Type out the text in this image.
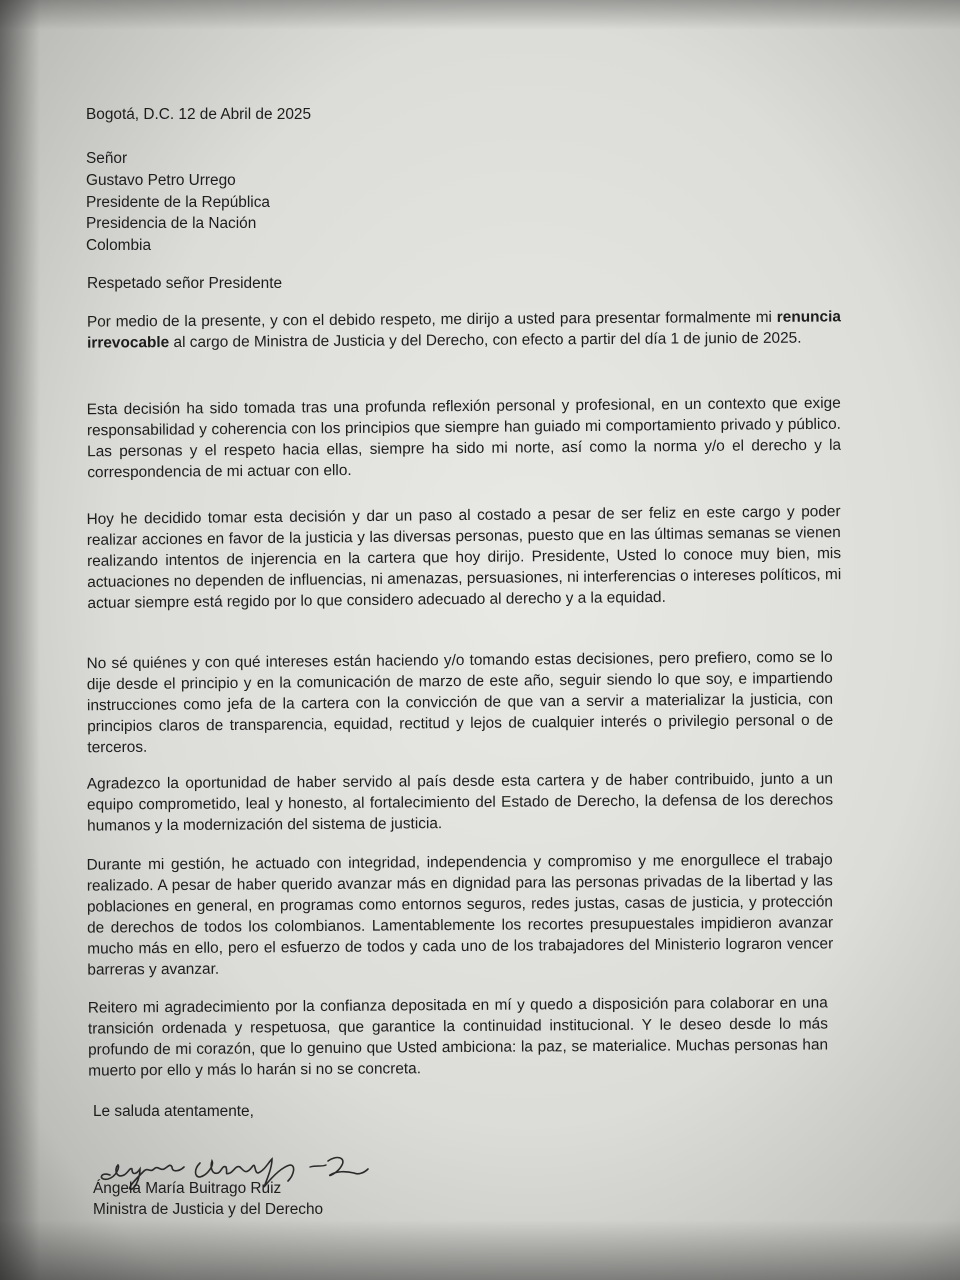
Bogotá, D.C. 12 de Abril de 2025
Señor
Gustavo Petro Urrego
Presidente de la República
Presidencia de la Nación
Colombia
Respetado señor Presidente
Por medio de la presente, y con el debido respeto, me dirijo a usted para presentar formalmente mi renuncia irrevocable al cargo de Ministra de Justicia y del Derecho, con efecto a partir del día 1 de junio de 2025.
Esta decisión ha sido tomada tras una profunda reflexión personal y profesional, en un contexto que exige responsabilidad y coherencia con los principios que siempre han guiado mi comportamiento privado y público. Las personas y el respeto hacia ellas, siempre ha sido mi norte, así como la norma y/o el derecho y la correspondencia de mi actuar con ello.
Hoy he decidido tomar esta decisión y dar un paso al costado a pesar de ser feliz en este cargo y poder realizar acciones en favor de la justicia y las diversas personas, puesto que en las últimas semanas se vienen realizando intentos de injerencia en la cartera que hoy dirijo. Presidente, Usted lo conoce muy bien, mis actuaciones no dependen de influencias, ni amenazas, persuasiones, ni interferencias o intereses políticos, mi actuar siempre está regido por lo que considero adecuado al derecho y a la equidad.
No sé quiénes y con qué intereses están haciendo y/o tomando estas decisiones, pero prefiero, como se lo dije desde el principio y en la comunicación de marzo de este año, seguir siendo lo que soy, e impartiendo instrucciones como jefa de la cartera con la convicción de que van a servir a materializar la justicia, con principios claros de transparencia, equidad, rectitud y lejos de cualquier interés o privilegio personal o de terceros.
Agradezco la oportunidad de haber servido al país desde esta cartera y de haber contribuido, junto a un equipo comprometido, leal y honesto, al fortalecimiento del Estado de Derecho, la defensa de los derechos humanos y la modernización del sistema de justicia.
Durante mi gestión, he actuado con integridad, independencia y compromiso y me enorgullece el trabajo realizado. A pesar de haber querido avanzar más en dignidad para las personas privadas de la libertad y las poblaciones en general, en programas como entornos seguros, redes justas, casas de justicia, y protección de derechos de todos los colombianos. Lamentablemente los recortes presupuestales impidieron avanzar mucho más en ello, pero el esfuerzo de todos y cada uno de los trabajadores del Ministerio lograron vencer barreras y avanzar.
Reitero mi agradecimiento por la confianza depositada en mí y quedo a disposición para colaborar en una transición ordenada y respetuosa, que garantice la continuidad institucional. Y le deseo desde lo más profundo de mi corazón, que lo genuino que Usted ambiciona: la paz, se materialice. Muchas personas han muerto por ello y más lo harán si no se concreta.
Le saluda atentamente,
Ángela María Buitrago Ruiz
Ministra de Justicia y del Derecho
